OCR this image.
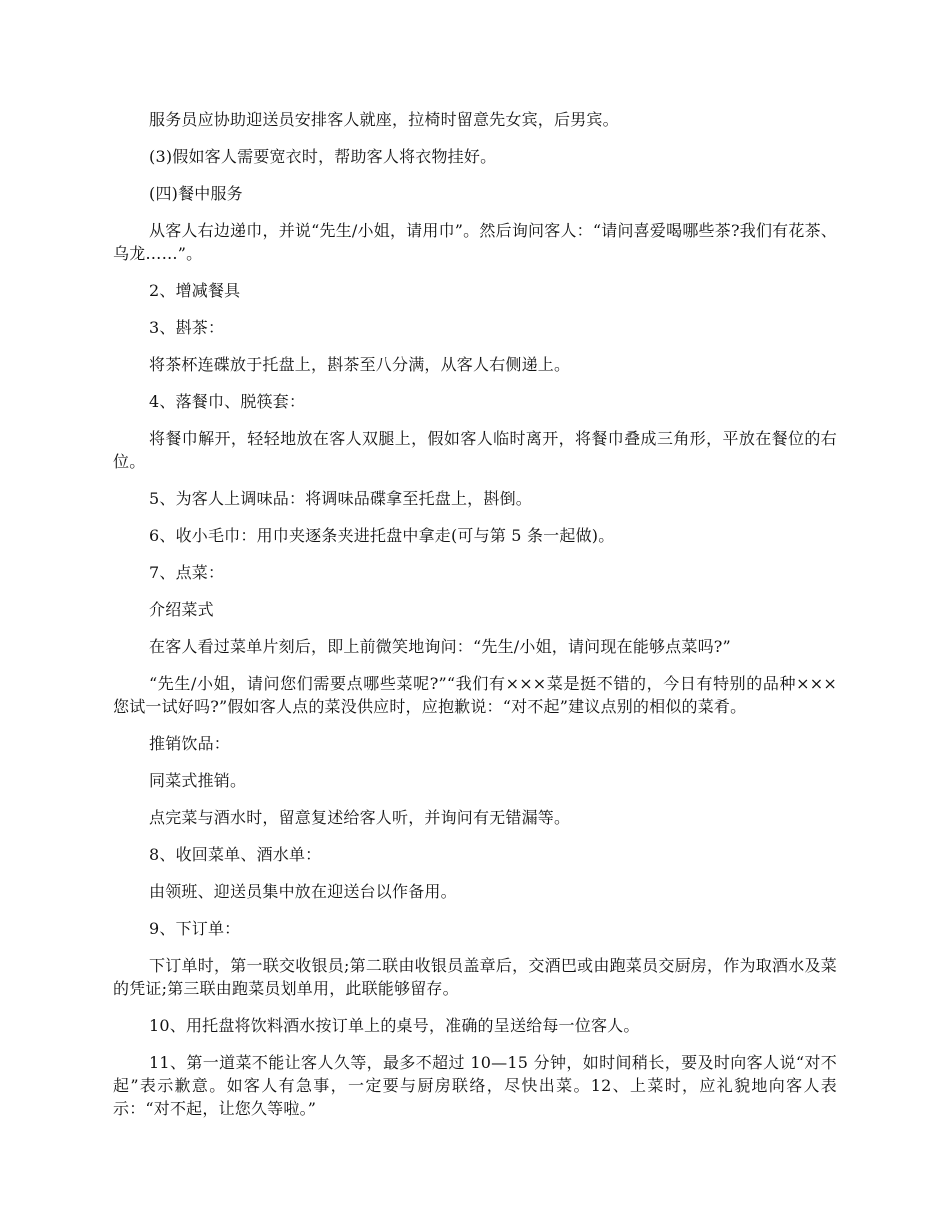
服务员应协助迎送员安排客人就座，拉椅时留意先女宾，后男宾。

(3)假如客人需要宽衣时，帮助客人将衣物挂好。

(四)餐中服务

从客人右边递巾，并说“先生/小姐，请用巾”。然后询问客人：“请问喜爱喝哪些茶?我们有花茶、乌龙……”。

2、增减餐具

3、斟茶：

将茶杯连碟放于托盘上，斟茶至八分满，从客人右侧递上。

4、落餐巾、脱筷套：

将餐巾解开，轻轻地放在客人双腿上，假如客人临时离开，将餐巾叠成三角形，平放在餐位的右位。

5、为客人上调味品：将调味品碟拿至托盘上，斟倒。

6、收小毛巾：用巾夹逐条夹进托盘中拿走(可与第 5 条一起做)。

7、点菜：

介绍菜式

在客人看过菜单片刻后，即上前微笑地询问：“先生/小姐，请问现在能够点菜吗?”

“先生/小姐，请问您们需要点哪些菜呢?”“我们有×××菜是挺不错的，今日有特别的品种×××您试一试好吗?”假如客人点的菜没供应时，应抱歉说：“对不起”建议点别的相似的菜肴。

推销饮品：

同菜式推销。

点完菜与酒水时，留意复述给客人听，并询问有无错漏等。

8、收回菜单、酒水单：

由领班、迎送员集中放在迎送台以作备用。

9、下订单：

下订单时，第一联交收银员;第二联由收银员盖章后，交酒巴或由跑菜员交厨房，作为取酒水及菜的凭证;第三联由跑菜员划单用，此联能够留存。

10、用托盘将饮料酒水按订单上的桌号，准确的呈送给每一位客人。

11、第一道菜不能让客人久等，最多不超过 10—15 分钟，如时间稍长，要及时向客人说“对不起”表示歉意。如客人有急事，一定要与厨房联络，尽快出菜。12、上菜时，应礼貌地向客人表示：“对不起，让您久等啦。”
